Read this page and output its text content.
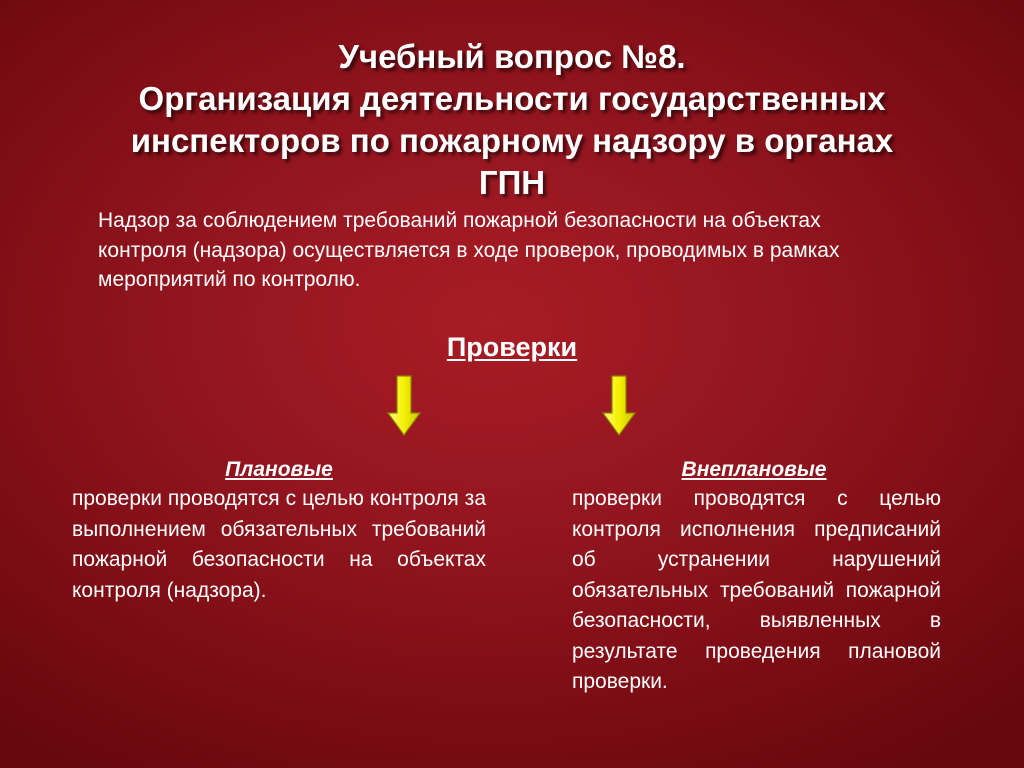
Учебный вопрос №8.
Организация деятельности государственных
инспекторов по пожарному надзору в органах
ГПН
Надзор за соблюдением требований пожарной безопасности на объектах контроля (надзора) осуществляется в ходе проверок, проводимых в рамках мероприятий по контролю.
Проверки
Плановые

проверки проводятся с целью контроля за выполнением обязательных требований пожарной безопасности на объектах контроля (надзора).

Внеплановые

проверки проводятся с целью контроля исполнения предписаний об устранении нарушений обязательных требований пожарной безопасности, выявленных в результате проведения плановой проверки.
